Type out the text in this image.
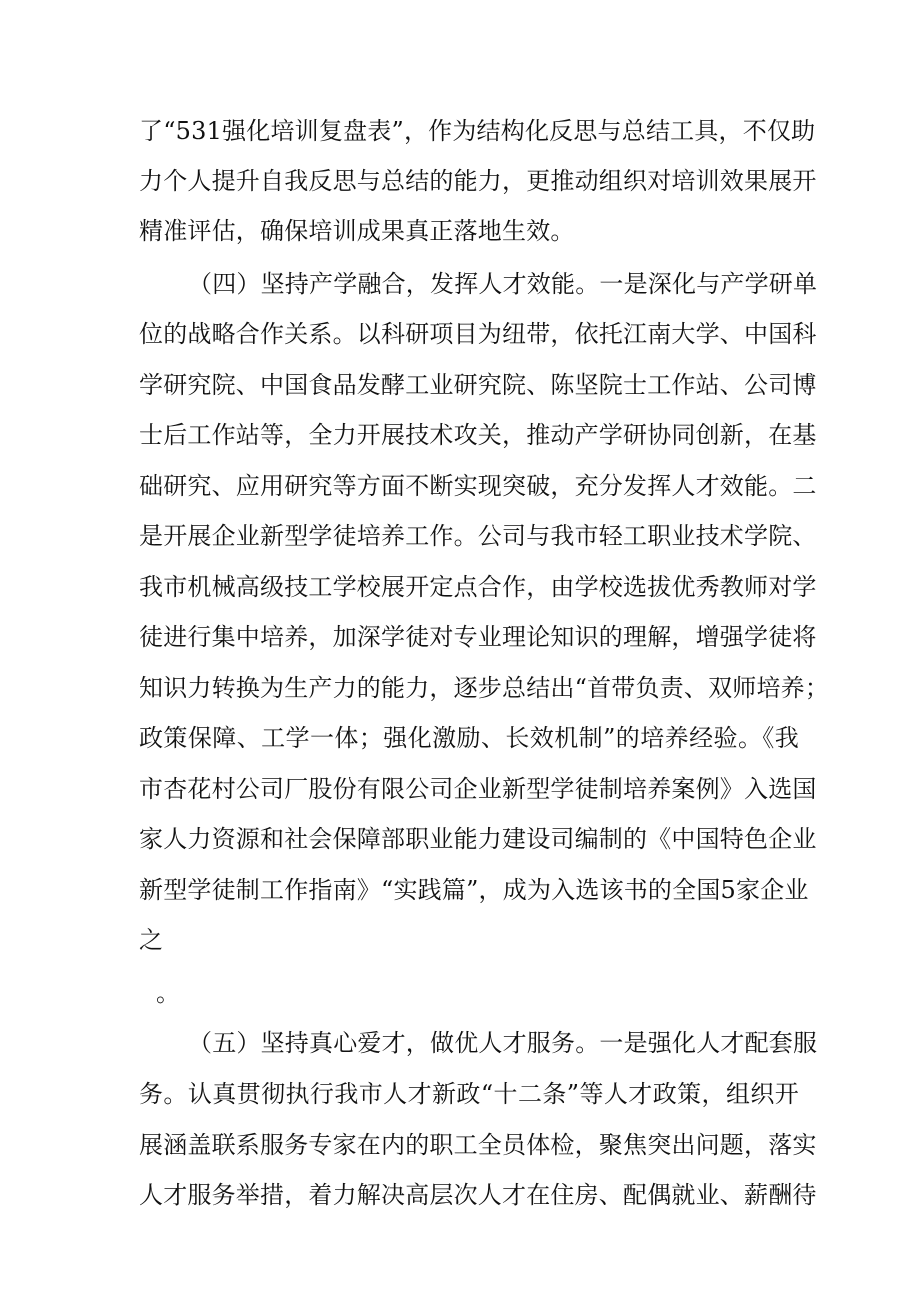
了“531强化培训复盘表”，作为结构化反思与总结工具，不仅助
力个人提升自我反思与总结的能力，更推动组织对培训效果展开
精准评估，确保培训成果真正落地生效。
（四）坚持产学融合，发挥人才效能。一是深化与产学研单
位的战略合作关系。以科研项目为纽带，依托江南大学、中国科
学研究院、中国食品发酵工业研究院、陈坚院士工作站、公司博
士后工作站等，全力开展技术攻关，推动产学研协同创新，在基
础研究、应用研究等方面不断实现突破，充分发挥人才效能。二
是开展企业新型学徒培养工作。公司与我市轻工职业技术学院、
我市机械高级技工学校展开定点合作，由学校选拔优秀教师对学
徒进行集中培养，加深学徒对专业理论知识的理解，增强学徒将
知识力转换为生产力的能力，逐步总结出“首带负责、双师培养；
政策保障、工学一体；强化激励、长效机制”的培养经验。《我
市杏花村公司厂股份有限公司企业新型学徒制培养案例》入选国
家人力资源和社会保障部职业能力建设司编制的《中国特色企业
新型学徒制工作指南》“实践篇”，成为入选该书的全国5家企业
之
。
（五）坚持真心爱才，做优人才服务。一是强化人才配套服
务。认真贯彻执行我市人才新政“十二条”等人才政策，组织开
展涵盖联系服务专家在内的职工全员体检，聚焦突出问题，落实
人才服务举措，着力解决高层次人才在住房、配偶就业、薪酬待
